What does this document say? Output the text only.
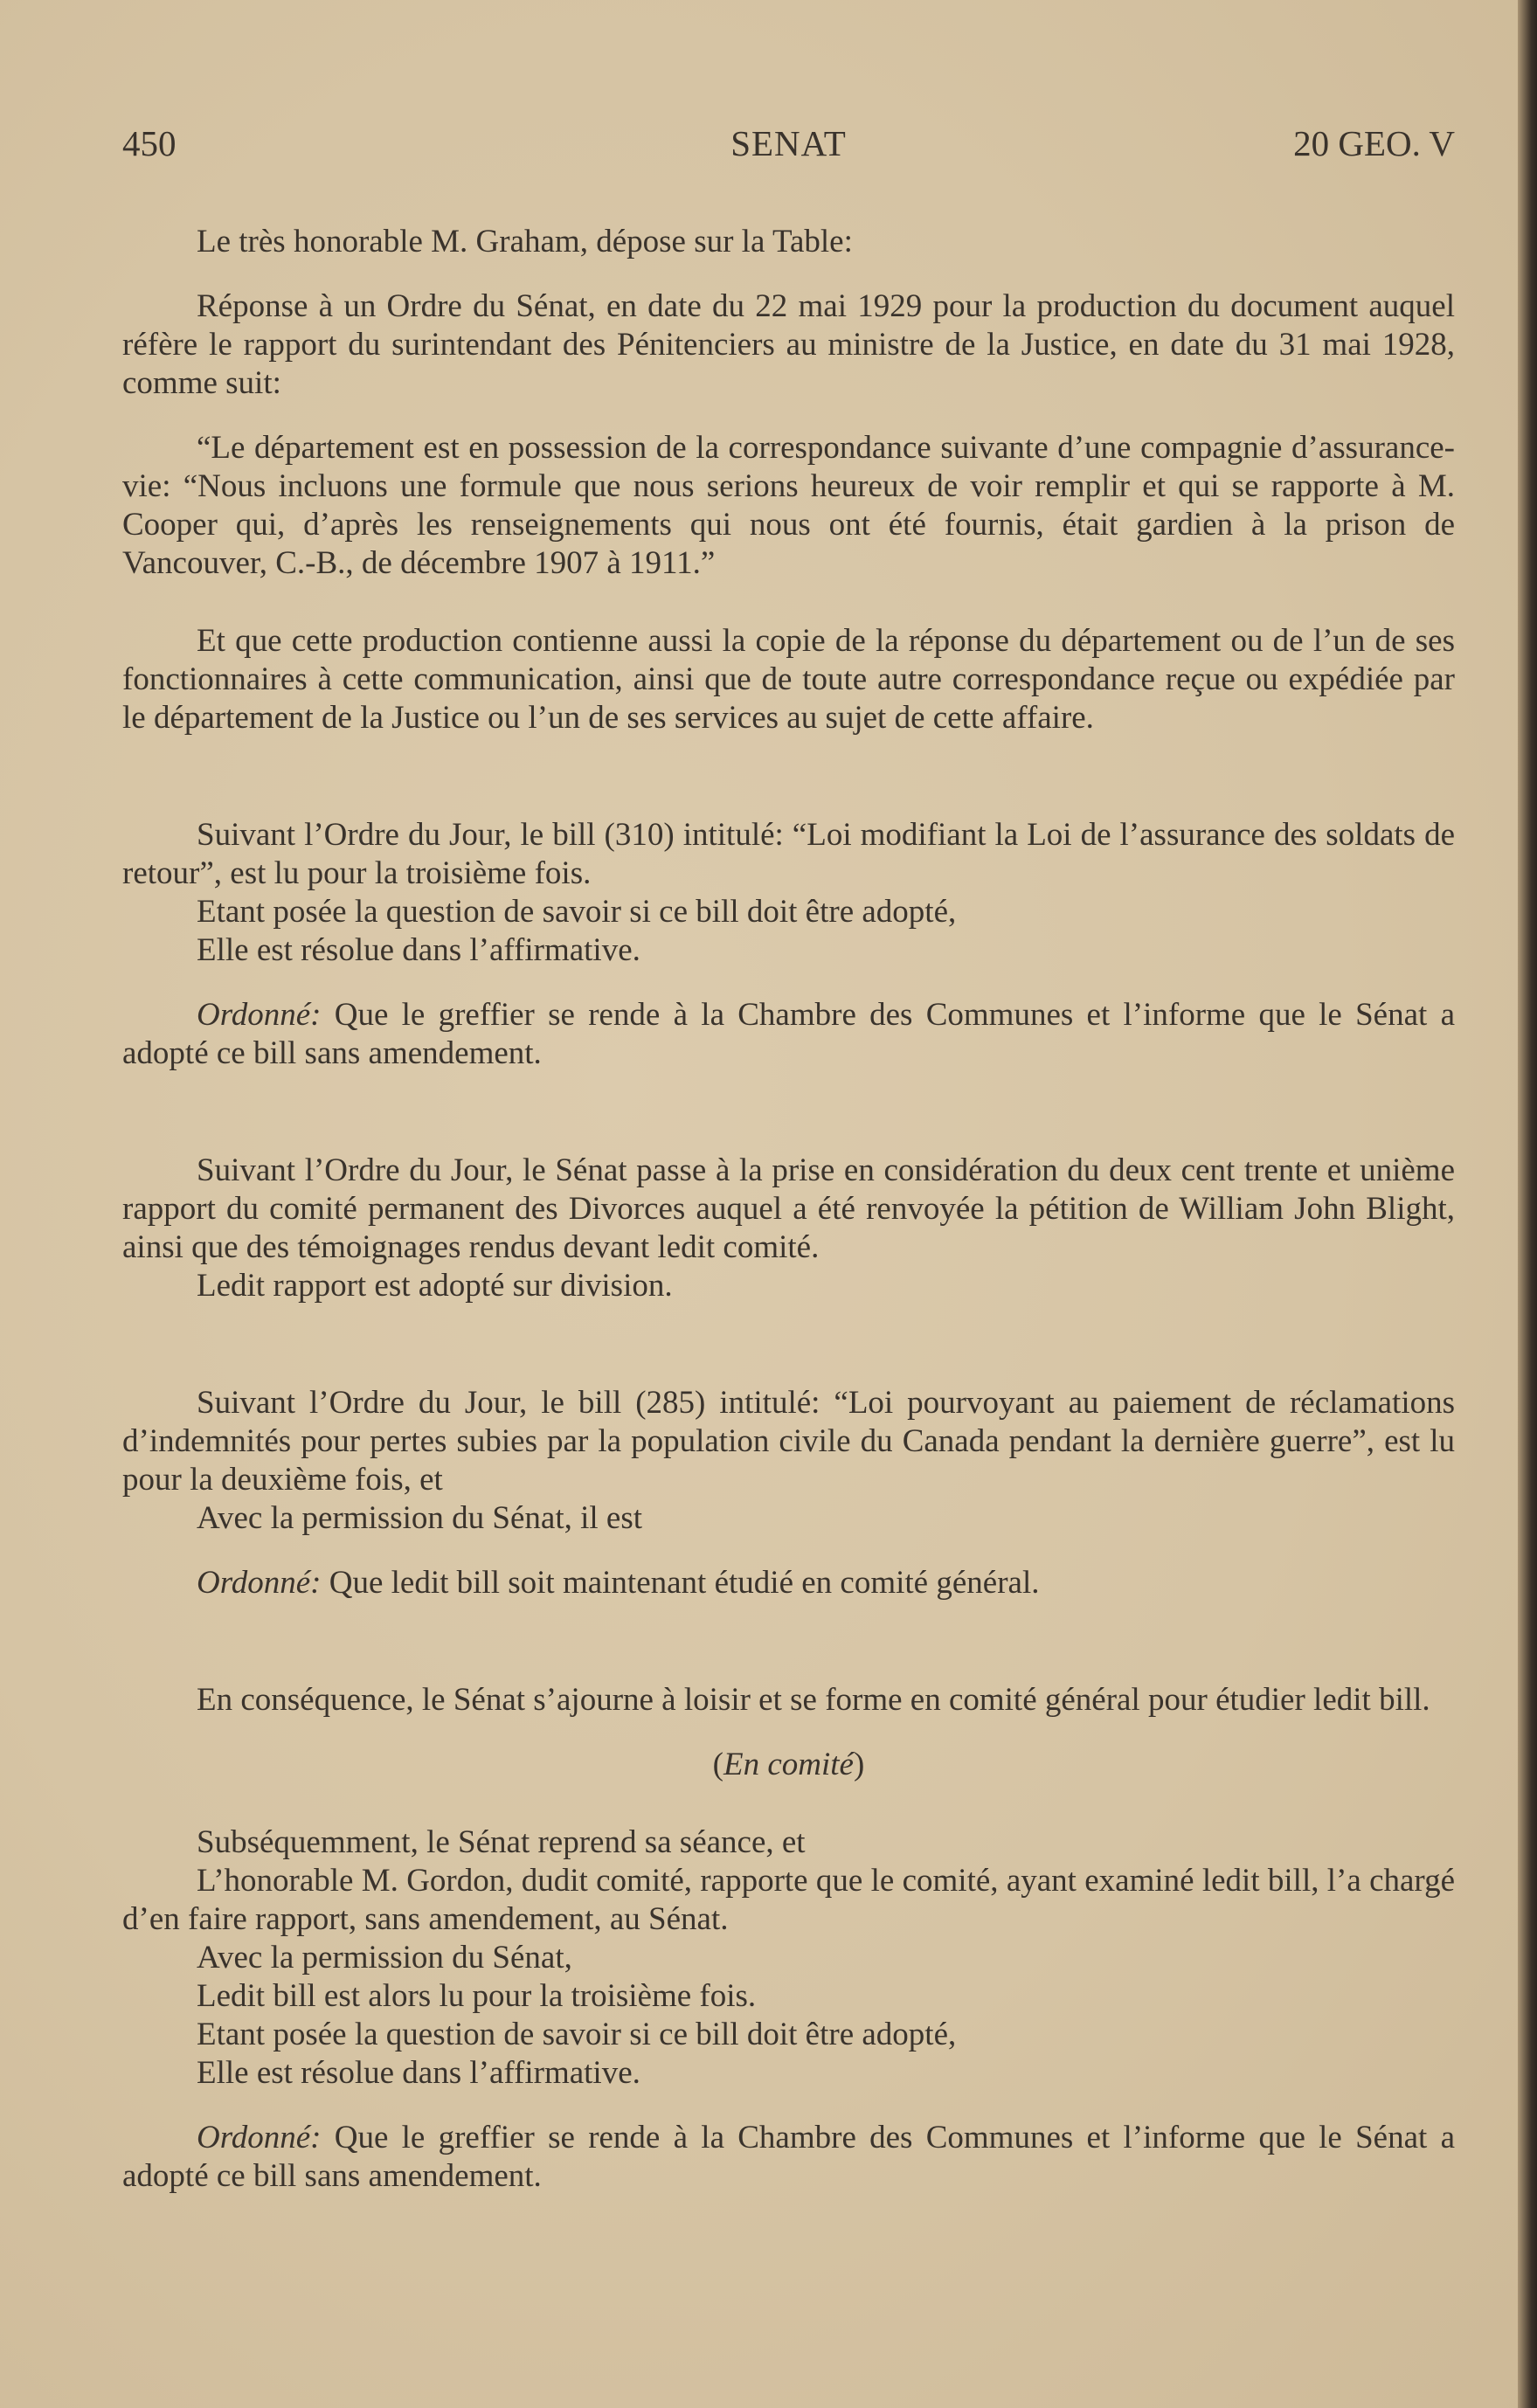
450	SENAT	20 GEO. V

Le très honorable M. Graham, dépose sur la Table:

Réponse à un Ordre du Sénat, en date du 22 mai 1929 pour la production du document auquel réfère le rapport du surintendant des Pénitenciers au ministre de la Justice, en date du 31 mai 1928, comme suit:

“Le département est en possession de la correspondance suivante d’une compagnie d’assurance-vie: “Nous incluons une formule que nous serions heureux de voir remplir et qui se rapporte à M. Cooper qui, d’après les renseignements qui nous ont été fournis, était gardien à la prison de Vancouver, C.-B., de décembre 1907 à 1911.”

Et que cette production contienne aussi la copie de la réponse du département ou de l’un de ses fonctionnaires à cette communication, ainsi que de toute autre correspondance reçue ou expédiée par le département de la Justice ou l’un de ses services au sujet de cette affaire.

Suivant l’Ordre du Jour, le bill (310) intitulé: “Loi modifiant la Loi de l’assurance des soldats de retour”, est lu pour la troisième fois.

Etant posée la question de savoir si ce bill doit être adopté,

Elle est résolue dans l’affirmative.

Ordonné: Que le greffier se rende à la Chambre des Communes et l’informe que le Sénat a adopté ce bill sans amendement.

Suivant l’Ordre du Jour, le Sénat passe à la prise en considération du deux cent trente et unième rapport du comité permanent des Divorces auquel a été renvoyée la pétition de William John Blight, ainsi que des témoignages rendus devant ledit comité.

Ledit rapport est adopté sur division.

Suivant l’Ordre du Jour, le bill (285) intitulé: “Loi pourvoyant au paiement de réclamations d’indemnités pour pertes subies par la population civile du Canada pendant la dernière guerre”, est lu pour la deuxième fois, et

Avec la permission du Sénat, il est

Ordonné: Que ledit bill soit maintenant étudié en comité général.

En conséquence, le Sénat s’ajourne à loisir et se forme en comité général pour étudier ledit bill.

(En comité)

Subséquemment, le Sénat reprend sa séance, et

L’honorable M. Gordon, dudit comité, rapporte que le comité, ayant examiné ledit bill, l’a chargé d’en faire rapport, sans amendement, au Sénat.

Avec la permission du Sénat,

Ledit bill est alors lu pour la troisième fois.

Etant posée la question de savoir si ce bill doit être adopté,

Elle est résolue dans l’affirmative.

Ordonné: Que le greffier se rende à la Chambre des Communes et l’informe que le Sénat a adopté ce bill sans amendement.
